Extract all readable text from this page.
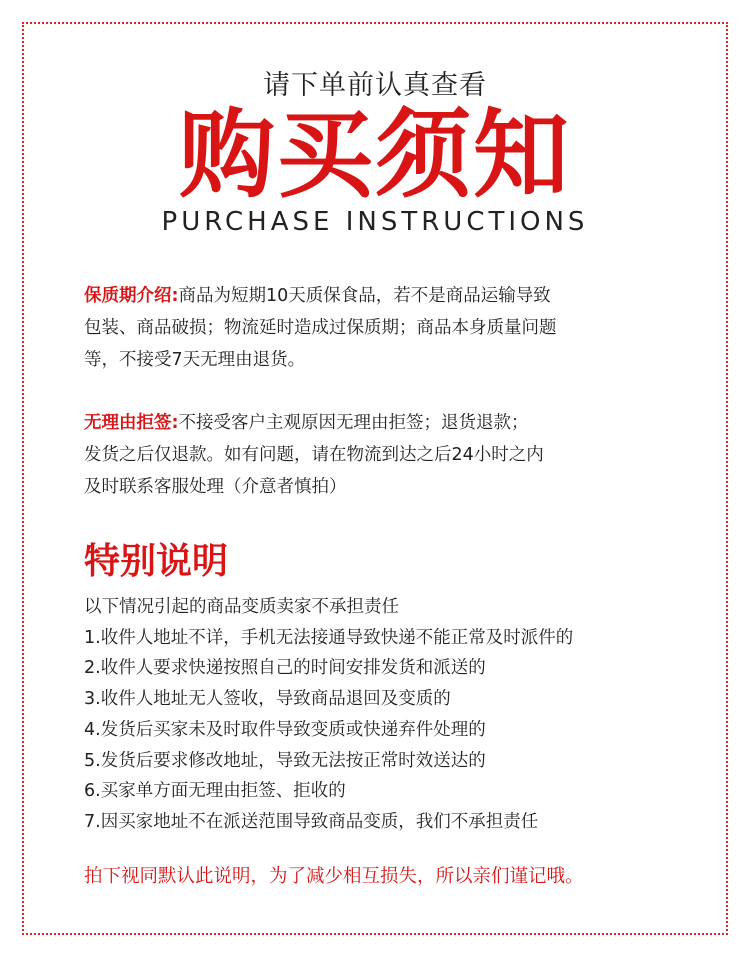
请下单前认真查看
购买须知
PURCHASE INSTRUCTIONS
保质期介绍:商品为短期10天质保食品，若不是商品运输导致
包装、商品破损；物流延时造成过保质期；商品本身质量问题
等，不接受7天无理由退货。
无理由拒签:不接受客户主观原因无理由拒签；退货退款；
发货之后仅退款。如有问题，请在物流到达之后24小时之内
及时联系客服处理（介意者慎拍）
特别说明
以下情况引起的商品变质卖家不承担责任
1.收件人地址不详，手机无法接通导致快递不能正常及时派件的
2.收件人要求快递按照自己的时间安排发货和派送的
3.收件人地址无人签收，导致商品退回及变质的
4.发货后买家未及时取件导致变质或快递弃件处理的
5.发货后要求修改地址，导致无法按正常时效送达的
6.买家单方面无理由拒签、拒收的
7.因买家地址不在派送范围导致商品变质，我们不承担责任
拍下视同默认此说明，为了减少相互损失，所以亲们谨记哦。
